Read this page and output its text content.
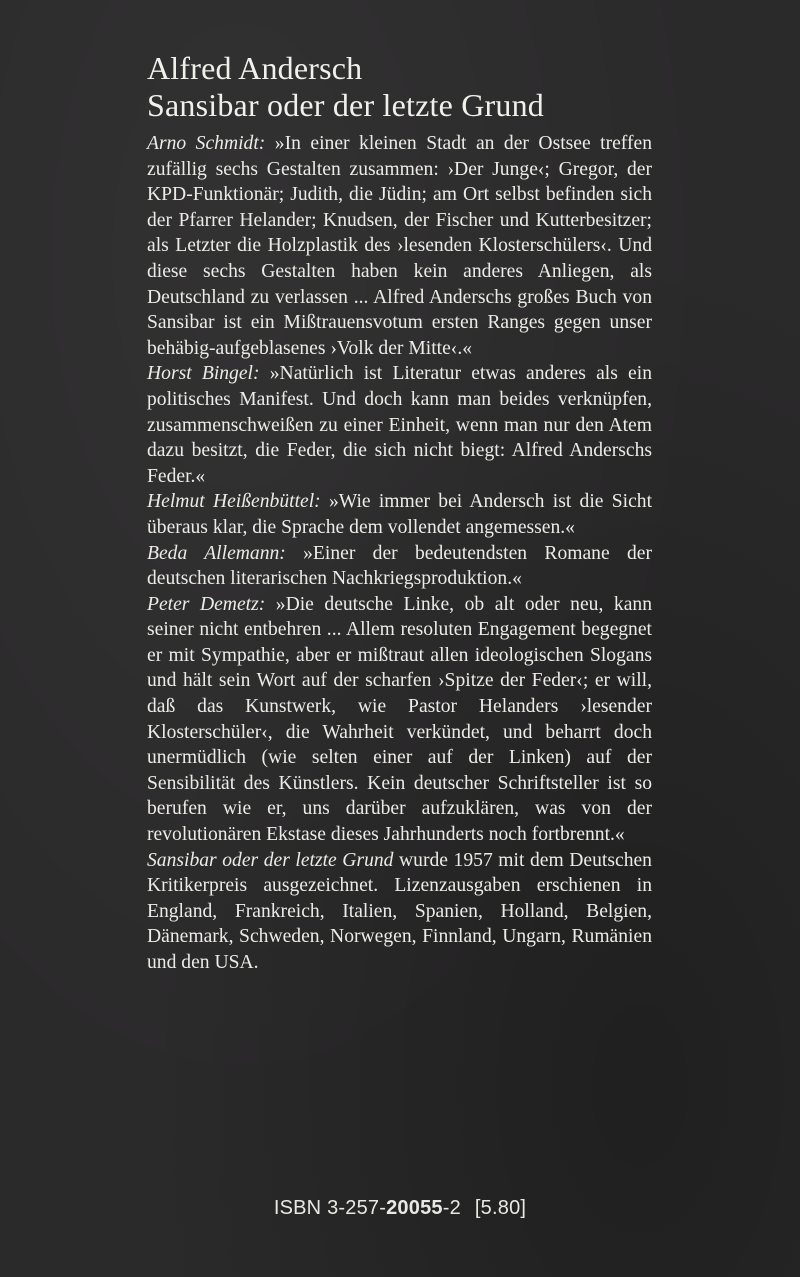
Alfred Andersch
Sansibar oder der letzte Grund

Arno Schmidt: »In einer kleinen Stadt an der Ostsee treffen zufällig sechs Gestalten zusammen: ›Der Junge‹; Gregor, der KPD-Funktionär; Judith, die Jüdin; am Ort selbst befinden sich der Pfarrer Helander; Knudsen, der Fischer und Kutterbesitzer; als Letzter die Holzplastik des ›lesenden Klosterschülers‹. Und diese sechs Gestalten haben kein anderes Anliegen, als Deutschland zu verlassen ... Alfred Anderschs großes Buch von Sansibar ist ein Mißtrauensvotum ersten Ranges gegen unser behäbig-aufgeblasenes ›Volk der Mitte‹.«

Horst Bingel: »Natürlich ist Literatur etwas anderes als ein politisches Manifest. Und doch kann man beides verknüpfen, zusammenschweißen zu einer Einheit, wenn man nur den Atem dazu besitzt, die Feder, die sich nicht biegt: Alfred Anderschs Feder.«

Helmut Heißenbüttel: »Wie immer bei Andersch ist die Sicht überaus klar, die Sprache dem vollendet angemessen.«

Beda Allemann: »Einer der bedeutendsten Romane der deutschen literarischen Nachkriegsproduktion.«

Peter Demetz: »Die deutsche Linke, ob alt oder neu, kann seiner nicht entbehren ... Allem resoluten Engagement begegnet er mit Sympathie, aber er mißtraut allen ideologischen Slogans und hält sein Wort auf der scharfen ›Spitze der Feder‹; er will, daß das Kunstwerk, wie Pastor Helanders ›lesender Klosterschüler‹, die Wahrheit verkündet, und beharrt doch unermüdlich (wie selten einer auf der Linken) auf der Sensibilität des Künstlers. Kein deutscher Schriftsteller ist so berufen wie er, uns darüber aufzuklären, was von der revolutionären Ekstase dieses Jahrhunderts noch fortbrennt.«

Sansibar oder der letzte Grund wurde 1957 mit dem Deutschen Kritikerpreis ausgezeichnet. Lizenzausgaben erschienen in England, Frankreich, Italien, Spanien, Holland, Belgien, Dänemark, Schweden, Norwegen, Finnland, Ungarn, Rumänien und den USA.

ISBN 3-257-20055-2 [5.80]
